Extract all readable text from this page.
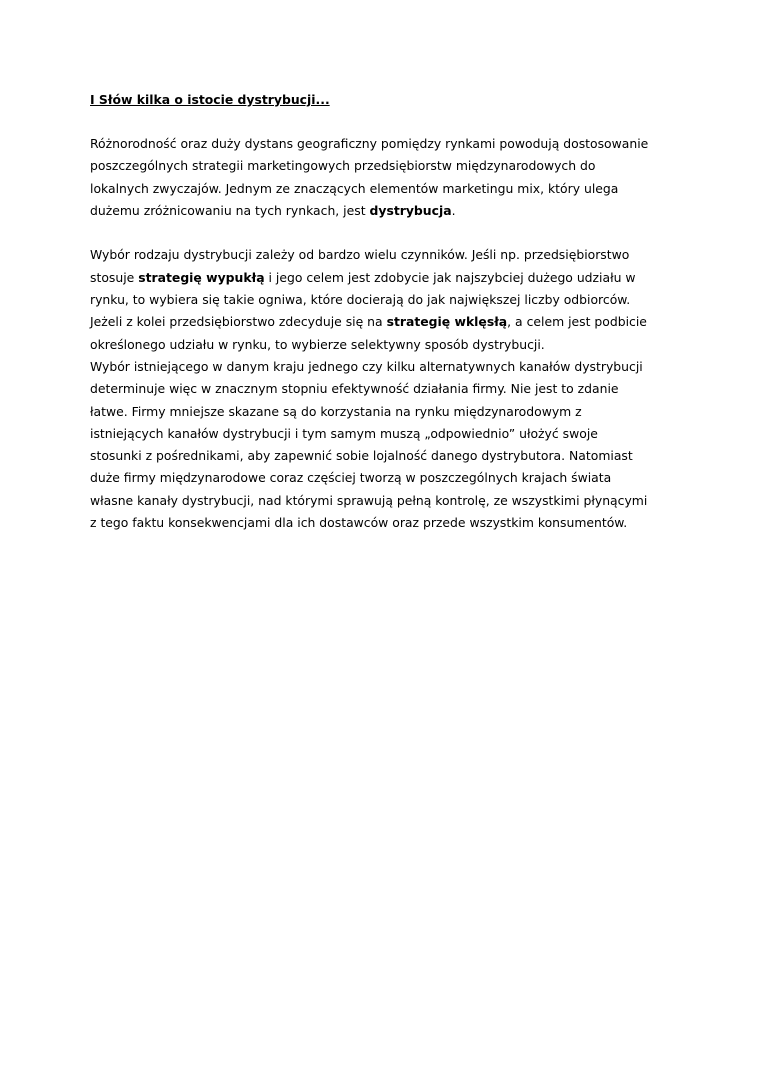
I Słów kilka o istocie dystrybucji...

Różnorodność oraz duży dystans geograficzny pomiędzy rynkami powodują dostosowanie
poszczególnych strategii marketingowych przedsiębiorstw międzynarodowych do
lokalnych zwyczajów. Jednym ze znaczących elementów marketingu mix, który ulega
dużemu zróżnicowaniu na tych rynkach, jest dystrybucja.

Wybór rodzaju dystrybucji zależy od bardzo wielu czynników. Jeśli np. przedsiębiorstwo
stosuje strategię wypukłą i jego celem jest zdobycie jak najszybciej dużego udziału w
rynku, to wybiera się takie ogniwa, które docierają do jak największej liczby odbiorców.
Jeżeli z kolei przedsiębiorstwo zdecyduje się na strategię wklęsłą, a celem jest podbicie
określonego udziału w rynku, to wybierze selektywny sposób dystrybucji.
Wybór istniejącego w danym kraju jednego czy kilku alternatywnych kanałów dystrybucji
determinuje więc w znacznym stopniu efektywność działania firmy. Nie jest to zdanie
łatwe. Firmy mniejsze skazane są do korzystania na rynku międzynarodowym z
istniejących kanałów dystrybucji i tym samym muszą „odpowiednio” ułożyć swoje
stosunki z pośrednikami, aby zapewnić sobie lojalność danego dystrybutora. Natomiast
duże firmy międzynarodowe coraz częściej tworzą w poszczególnych krajach świata
własne kanały dystrybucji, nad którymi sprawują pełną kontrolę, ze wszystkimi płynącymi
z tego faktu konsekwencjami dla ich dostawców oraz przede wszystkim konsumentów.
